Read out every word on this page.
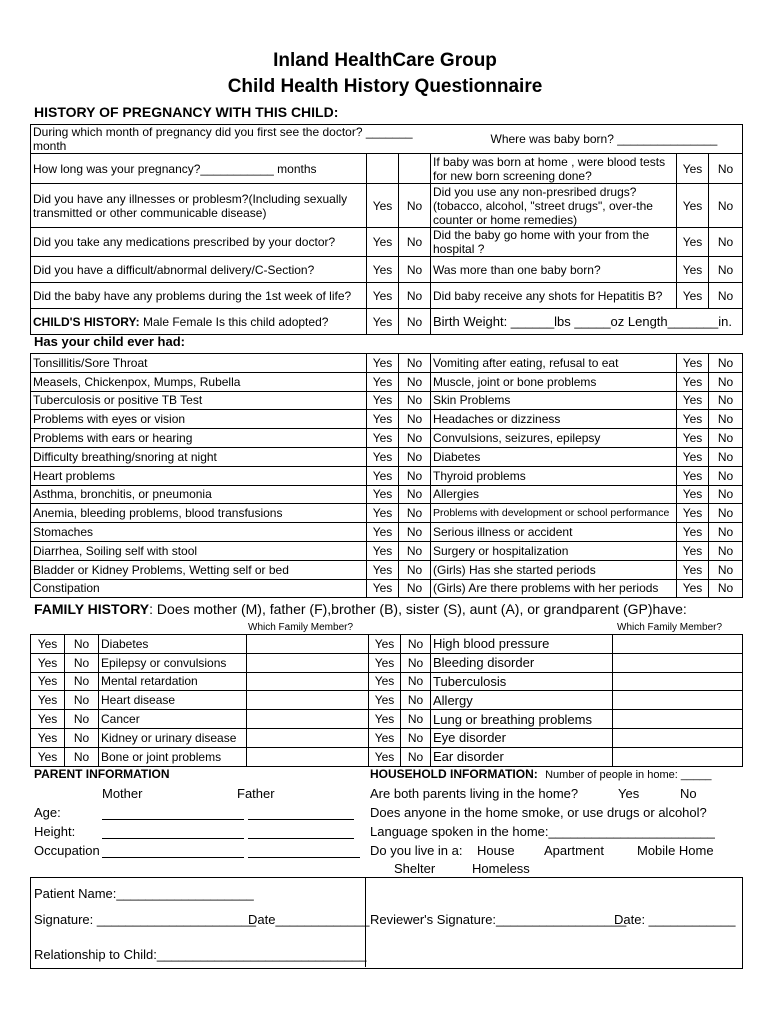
Inland HealthCare Group
Child Health History Questionnaire
HISTORY OF PREGNANCY WITH THIS CHILD:
During which month of pregnancy did you first see the doctor? _______ month			Where was baby born? _______________		
How long was your pregnancy?___________ months			If baby was born at home , were blood tests for new born screening done?	Yes	No
Did you have any illnesses or problesm?(Including sexually transmitted or other communicable disease)	Yes	No	Did you use any non-presribed drugs?(tobacco, alcohol, "street drugs", over-the counter or home remedies)	Yes	No
Did you take any medications prescribed by your doctor?	Yes	No	Did the baby go home with your from the hospital ?	Yes	No
Did you have a difficult/abnormal delivery/C-Section?	Yes	No	Was more than one baby born?	Yes	No
Did the baby have any problems during the 1st week of life?	Yes	No	Did baby receive any shots for Hepatitis B?	Yes	No
CHILD'S HISTORY: Male Female Is this child adopted?	Yes	No	Birth Weight: ______lbs _____oz Length_______in.		
Has your child ever had:
Tonsillitis/Sore Throat	Yes	No	Vomiting after eating, refusal to eat	Yes	No
Measels, Chickenpox, Mumps, Rubella	Yes	No	Muscle, joint or bone problems	Yes	No
Tuberculosis or positive TB Test	Yes	No	Skin Problems	Yes	No
Problems with eyes or vision	Yes	No	Headaches or dizziness	Yes	No
Problems with ears or hearing	Yes	No	Convulsions, seizures, epilepsy	Yes	No
Difficulty breathing/snoring at night	Yes	No	Diabetes	Yes	No
Heart problems	Yes	No	Thyroid problems	Yes	No
Asthma, bronchitis, or pneumonia	Yes	No	Allergies	Yes	No
Anemia, bleeding problems, blood transfusions	Yes	No	Problems with development or school performance	Yes	No
Stomaches	Yes	No	Serious illness or accident	Yes	No
Diarrhea, Soiling self with stool	Yes	No	Surgery or hospitalization	Yes	No
Bladder or Kidney Problems, Wetting self or bed	Yes	No	(Girls) Has she started periods	Yes	No
Constipation	Yes	No	(Girls) Are there problems with her periods	Yes	No
FAMILY HISTORY: Does mother (M), father (F),brother (B), sister (S), aunt (A), or grandparent (GP)have:
Which Family Member?	Which Family Member?
Yes	No	Diabetes		Yes	No	High blood pressure	
Yes	No	Epilepsy or convulsions		Yes	No	Bleeding disorder	
Yes	No	Mental retardation		Yes	No	Tuberculosis	
Yes	No	Heart disease		Yes	No	Allergy	
Yes	No	Cancer		Yes	No	Lung or breathing problems	
Yes	No	Kidney or urinary disease		Yes	No	Eye disorder	
Yes	No	Bone or joint problems		Yes	No	Ear disorder	
PARENT INFORMATION	HOUSEHOLD INFORMATION: Number of people in home: _____
Mother	Father	Are both parents living in the home?	Yes	No
Age:	Does anyone in the home smoke, or use drugs or alcohol?
Height:	Language spoken in the home:_______________________
Occupation	Do you live in a: House Apartment	Mobile Home
Shelter	Homeless
Patient Name:___________________
Signature: ______________________
Date_____________ Reviewer's Signature:__________________
Date: ____________
Relationship to Child:_____________________________
